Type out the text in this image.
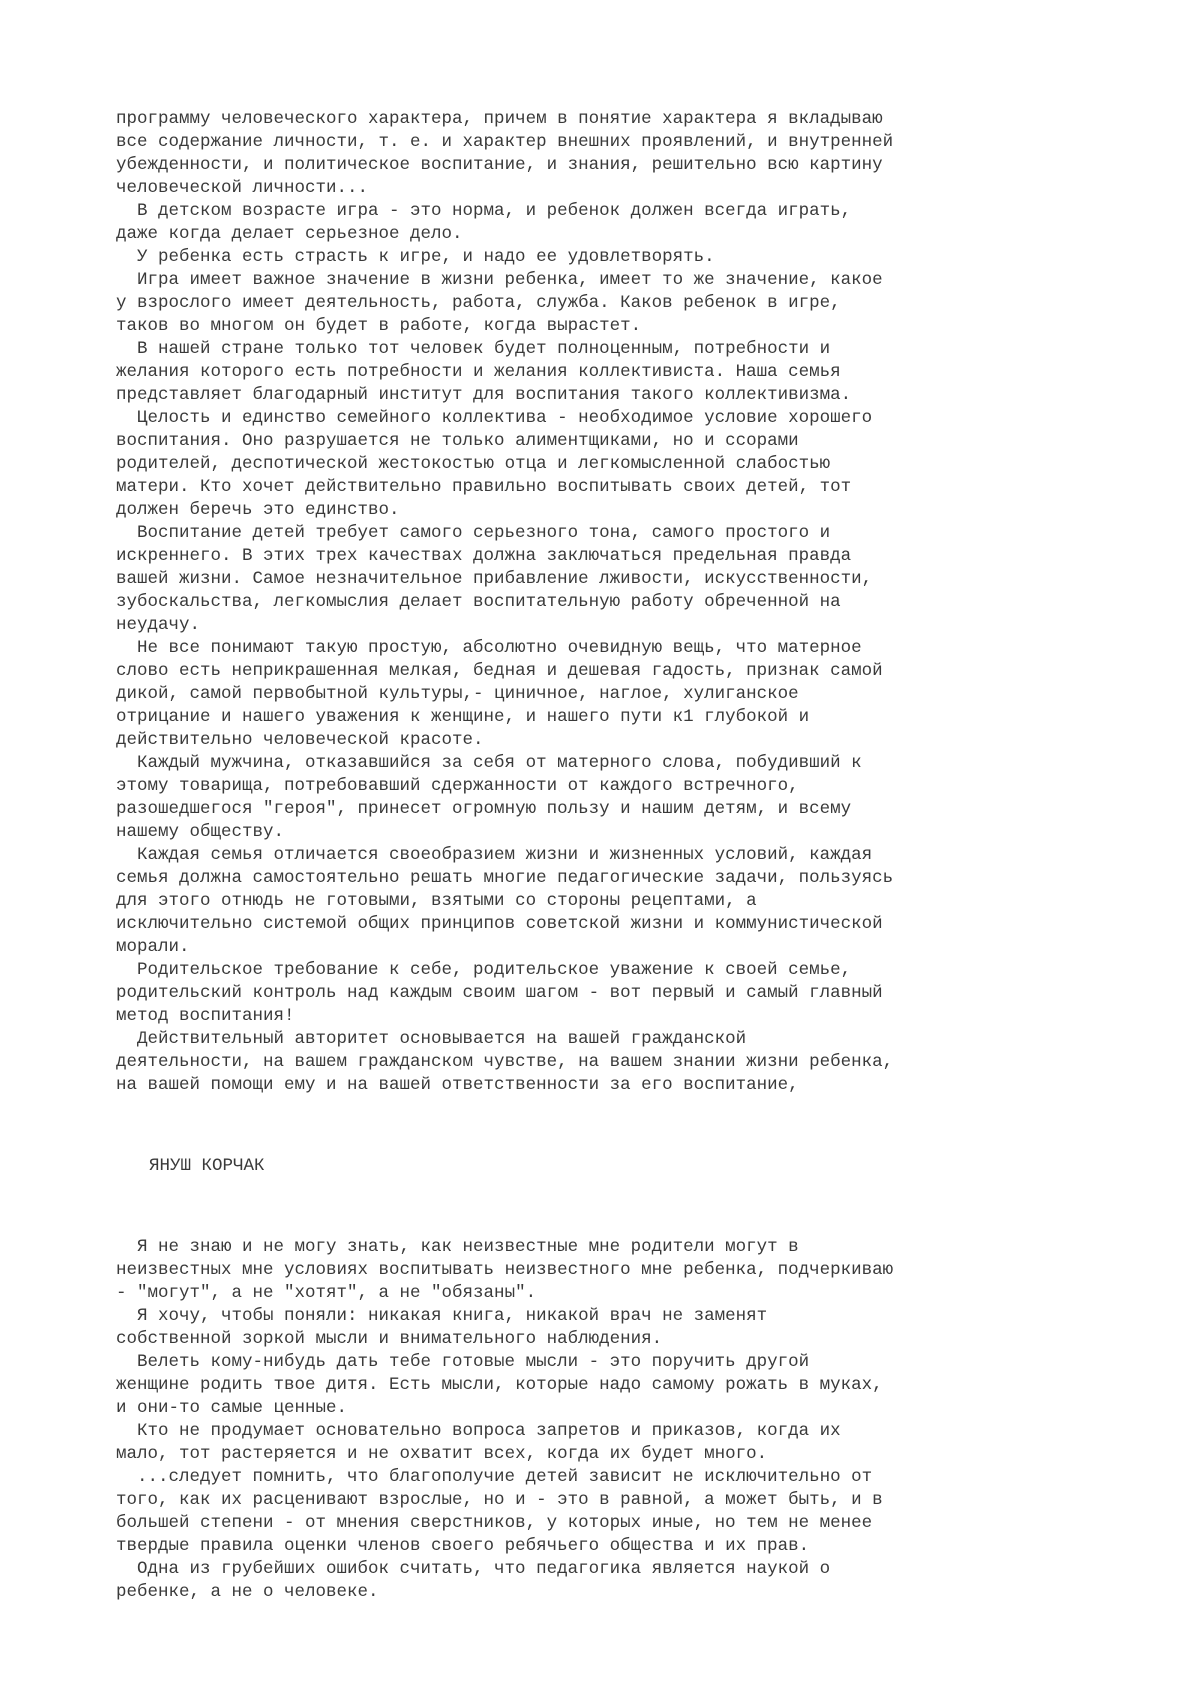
программу человеческого характера, причем в понятие характера я вкладываю
все содержание личности, т. е. и характер внешних проявлений, и внутренней
убежденности, и политическое воспитание, и знания, решительно всю картину
человеческой личности...

В детском возрасте игра - это норма, и ребенок должен всегда играть,
даже когда делает серьезное дело.

У ребенка есть страсть к игре, и надо ее удовлетворять.

Игра имеет важное значение в жизни ребенка, имеет то же значение, какое
у взрослого имеет деятельность, работа, служба. Каков ребенок в игре,
таков во многом он будет в работе, когда вырастет.

В нашей стране только тот человек будет полноценным, потребности и
желания которого есть потребности и желания коллективиста. Наша семья
представляет благодарный институт для воспитания такого коллективизма.

Целость и единство семейного коллектива - необходимое условие хорошего
воспитания. Оно разрушается не только алиментщиками, но и ссорами
родителей, деспотической жестокостью отца и легкомысленной слабостью
матери. Кто хочет действительно правильно воспитывать своих детей, тот
должен беречь это единство.

Воспитание детей требует самого серьезного тона, самого простого и
искреннего. В этих трех качествах должна заключаться предельная правда
вашей жизни. Самое незначительное прибавление лживости, искусственности,
зубоскальства, легкомыслия делает воспитательную работу обреченной на
неудачу.

Не все понимают такую простую, абсолютно очевидную вещь, что матерное
слово есть неприкрашенная мелкая, бедная и дешевая гадость, признак самой
дикой, самой первобытной культуры,- циничное, наглое, хулиганское
отрицание и нашего уважения к женщине, и нашего пути к1 глубокой и
действительно человеческой красоте.

Каждый мужчина, отказавшийся за себя от матерного слова, побудивший к
этому товарища, потребовавший сдержанности от каждого встречного,
разошедшегося "героя", принесет огромную пользу и нашим детям, и всему
нашему обществу.

Каждая семья отличается своеобразием жизни и жизненных условий, каждая
семья должна самостоятельно решать многие педагогические задачи, пользуясь
для этого отнюдь не готовыми, взятыми со стороны рецептами, а
исключительно системой общих принципов советской жизни и коммунистической
морали.

Родительское требование к себе, родительское уважение к своей семье,
родительский контроль над каждым своим шагом - вот первый и самый главный
метод воспитания!

Действительный авторитет основывается на вашей гражданской
деятельности, на вашем гражданском чувстве, на вашем знании жизни ребенка,
на вашей помощи ему и на вашей ответственности за его воспитание,

ЯНУШ КОРЧАК

Я не знаю и не могу знать, как неизвестные мне родители могут в
неизвестных мне условиях воспитывать неизвестного мне ребенка, подчеркиваю
- "могут", а не "хотят", а не "обязаны".

Я хочу, чтобы поняли: никакая книга, никакой врач не заменят
собственной зоркой мысли и внимательного наблюдения.

Велеть кому-нибудь дать тебе готовые мысли - это поручить другой
женщине родить твое дитя. Есть мысли, которые надо самому рожать в муках,
и они-то самые ценные.

Кто не продумает основательно вопроса запретов и приказов, когда их
мало, тот растеряется и не охватит всех, когда их будет много.

...следует помнить, что благополучие детей зависит не исключительно от
того, как их расценивают взрослые, но и - это в равной, а может быть, и в
большей степени - от мнения сверстников, у которых иные, но тем не менее
твердые правила оценки членов своего ребячьего общества и их прав.

Одна из грубейших ошибок считать, что педагогика является наукой о
ребенке, а не о человеке.
